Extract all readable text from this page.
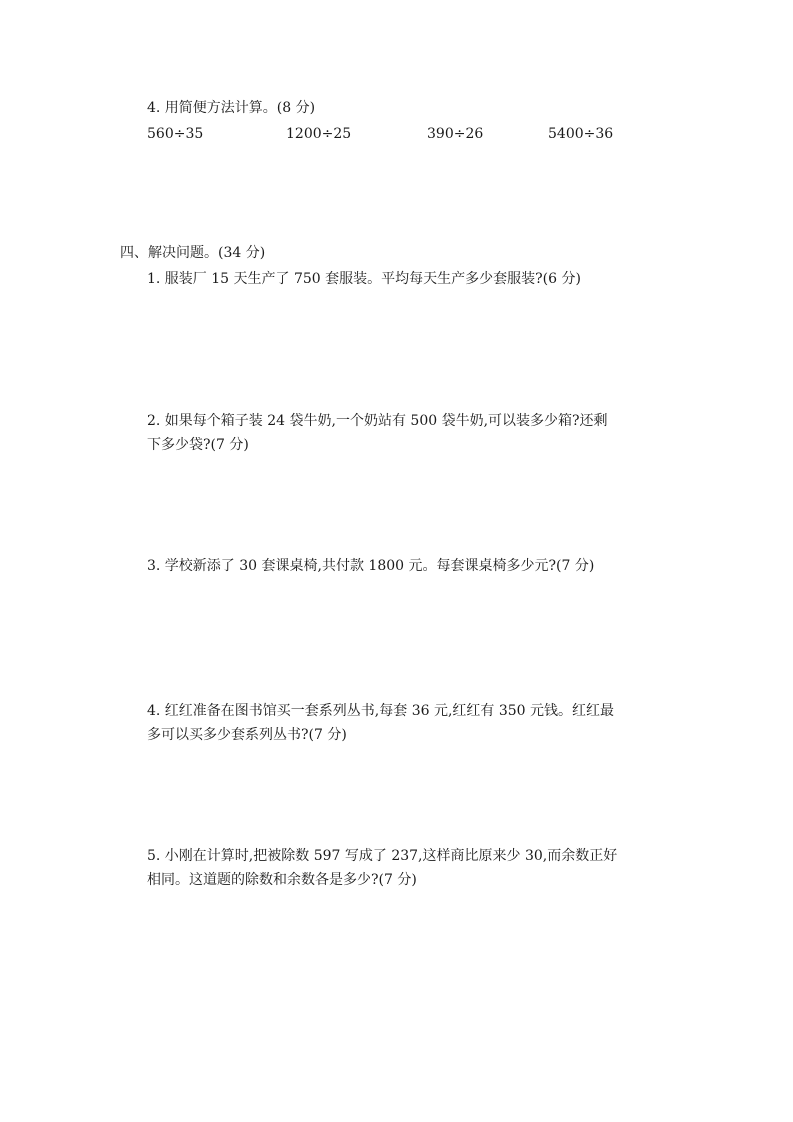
4. 用简便方法计算。(8 分)
560÷35	1200÷25	390÷26	5400÷36
四、解决问题。(34 分)
1. 服装厂 15 天生产了 750 套服装。平均每天生产多少套服装?(6 分)
2. 如果每个箱子装 24 袋牛奶,一个奶站有 500 袋牛奶,可以装多少箱?还剩
下多少袋?(7 分)
3. 学校新添了 30 套课桌椅,共付款 1800 元。每套课桌椅多少元?(7 分)
4. 红红准备在图书馆买一套系列丛书,每套 36 元,红红有 350 元钱。红红最
多可以买多少套系列丛书?(7 分)
5. 小刚在计算时,把被除数 597 写成了 237,这样商比原来少 30,而余数正好
相同。这道题的除数和余数各是多少?(7 分)
